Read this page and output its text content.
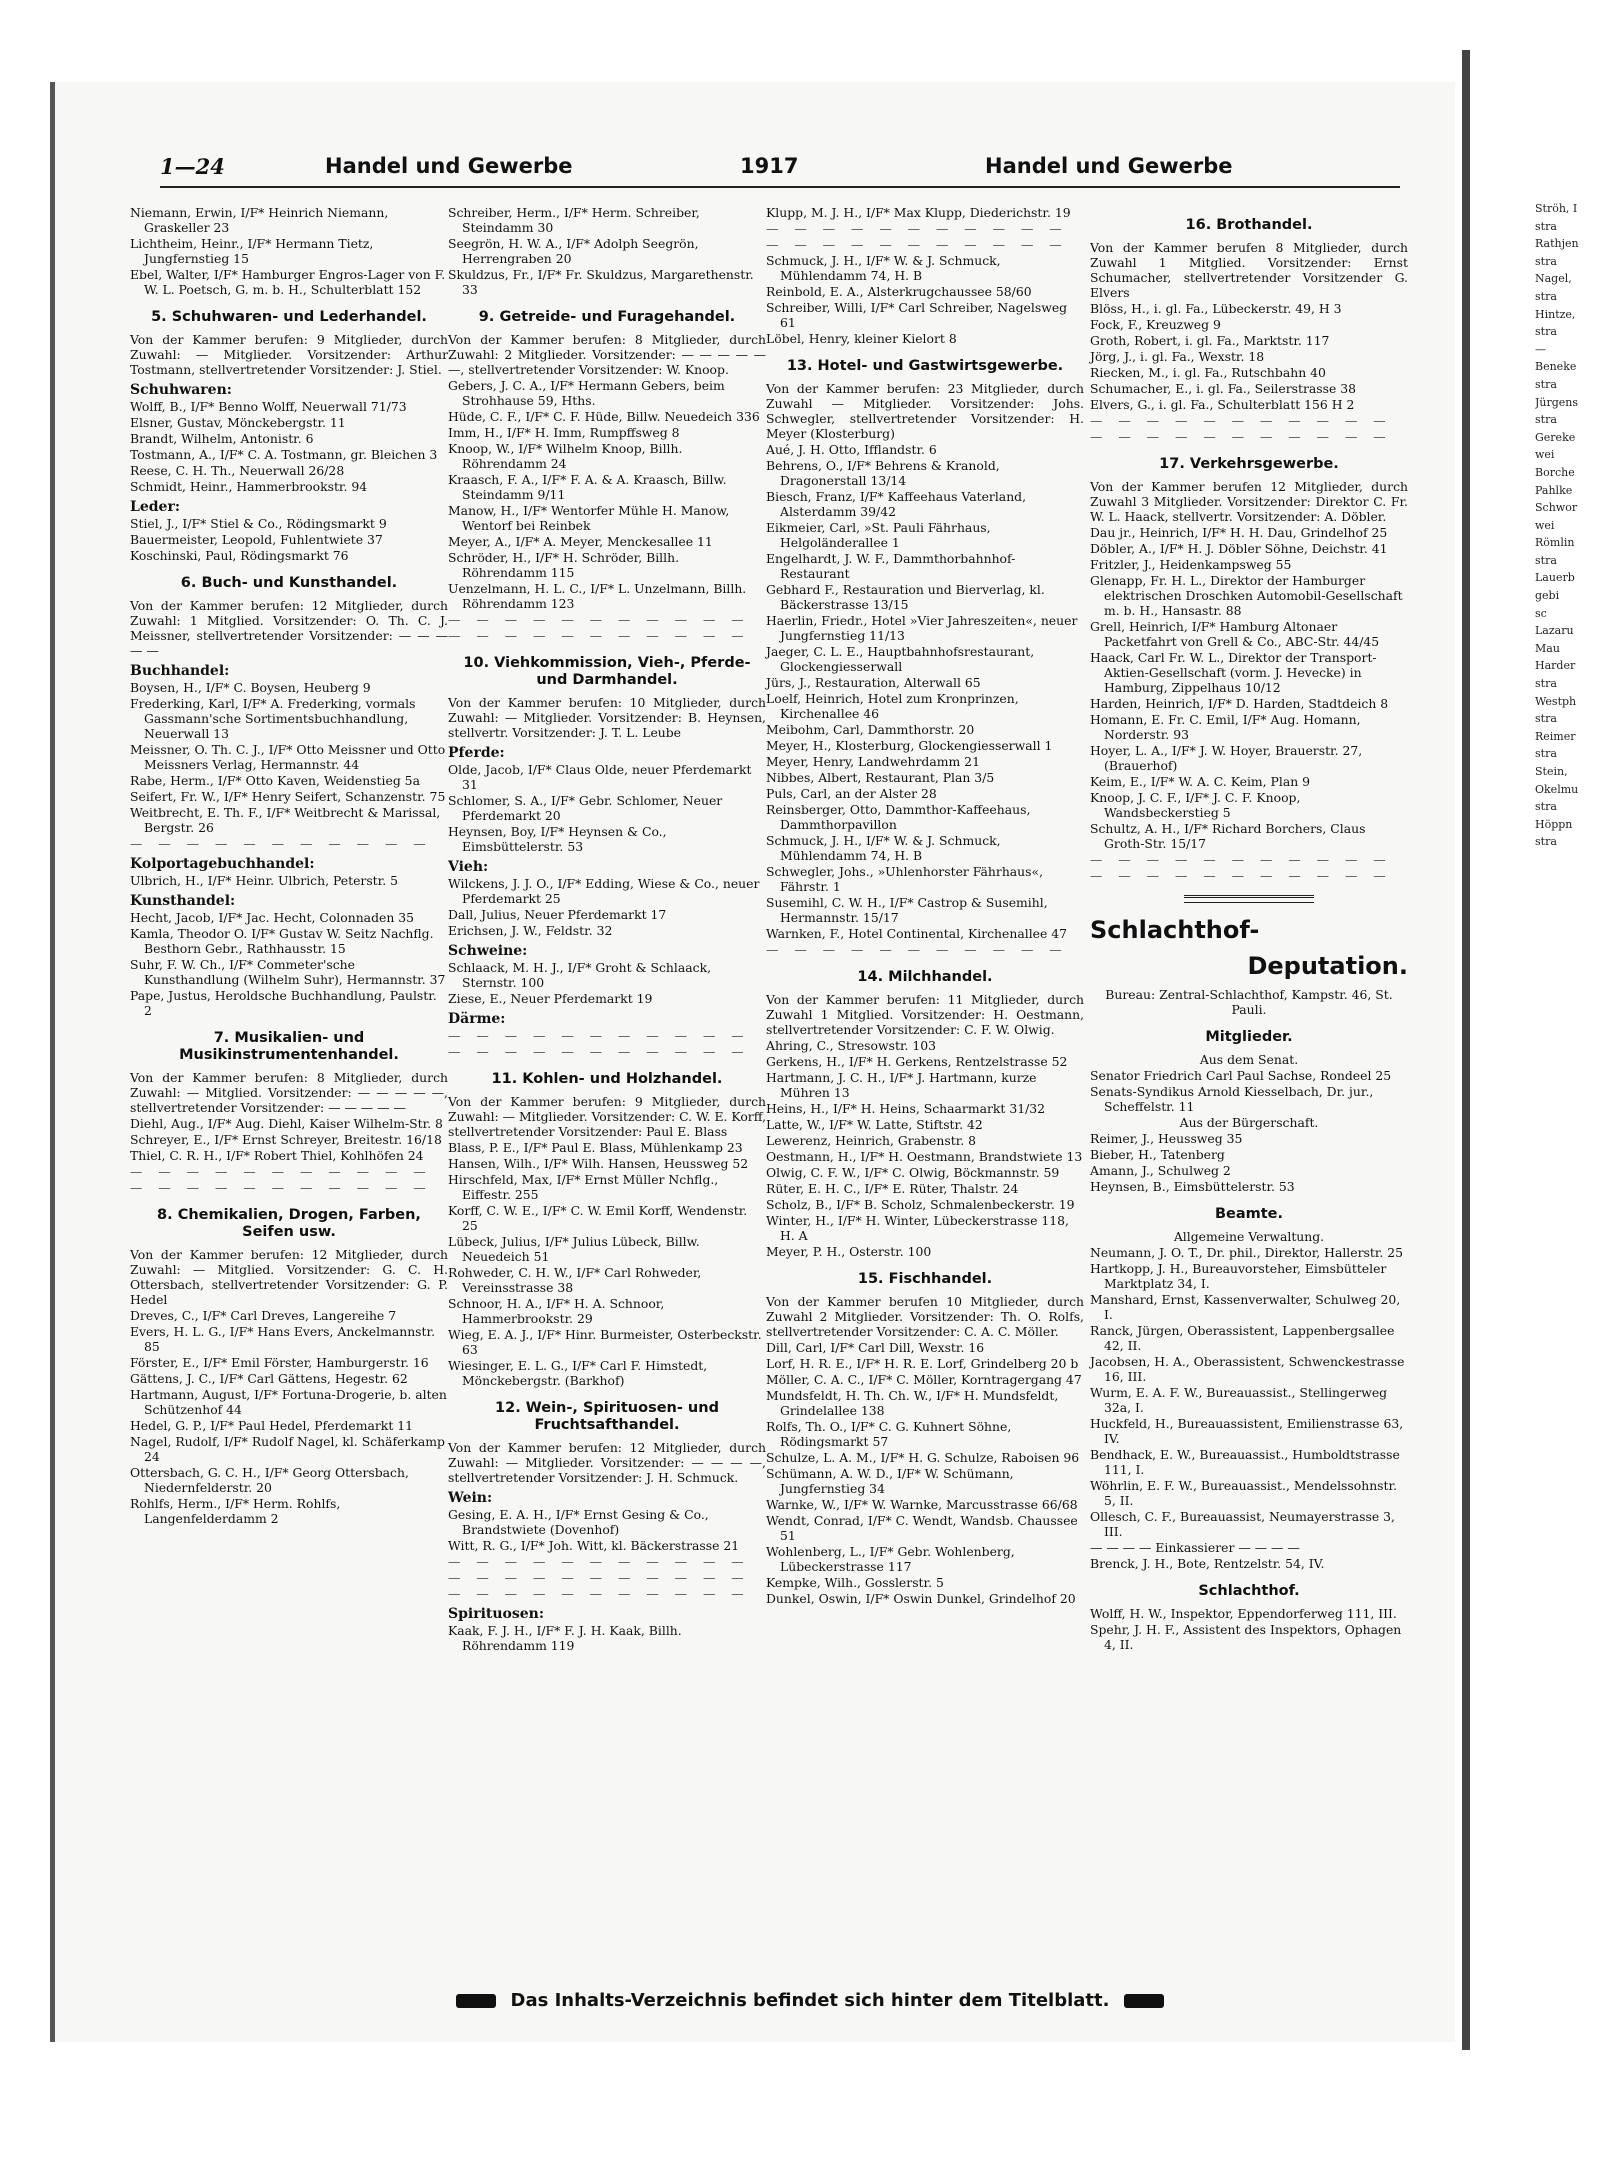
1—24	Handel und Gewerbe	1917	Handel und Gewerbe

Niemann, Erwin, I/F* Heinrich Niemann, Graskeller 23

Lichtheim, Heinr., I/F* Hermann Tietz, Jungfernstieg 15

Ebel, Walter, I/F* Hamburger Engros-Lager von F. W. L. Poetsch, G. m. b. H., Schulterblatt 152

5. Schuhwaren- und Lederhandel.

Von der Kammer berufen: 9 Mitglieder, durch Zuwahl: — Mitglieder. Vorsitzender: Arthur Tostmann, stellvertretender Vorsitzender: J. Stiel.

Schuhwaren:

Wolff, B., I/F* Benno Wolff, Neuerwall 71/73

Elsner, Gustav, Mönckebergstr. 11

Brandt, Wilhelm, Antonistr. 6

Tostmann, A., I/F* C. A. Tostmann, gr. Bleichen 3

Reese, C. H. Th., Neuerwall 26/28

Schmidt, Heinr., Hammerbrookstr. 94

Leder:

Stiel, J., I/F* Stiel & Co., Rödingsmarkt 9

Bauermeister, Leopold, Fuhlentwiete 37

Koschinski, Paul, Rödingsmarkt 76

6. Buch- und Kunsthandel.

Von der Kammer berufen: 12 Mitglieder, durch Zuwahl: 1 Mitglied. Vorsitzender: O. Th. C. J. Meissner, stellvertretender Vorsitzender: — — — — —

Buchhandel:

Boysen, H., I/F* C. Boysen, Heuberg 9

Frederking, Karl, I/F* A. Frederking, vormals Gassmann'sche Sortimentsbuchhandlung, Neuerwall 13

Meissner, O. Th. C. J., I/F* Otto Meissner und Otto Meissners Verlag, Hermannstr. 44

Rabe, Herm., I/F* Otto Kaven, Weidenstieg 5a

Seifert, Fr. W., I/F* Henry Seifert, Schanzenstr. 75

Weitbrecht, E. Th. F., I/F* Weitbrecht & Marissal, Bergstr. 26

— — — — — — — — — — —

Kolportagebuchhandel:

Ulbrich, H., I/F* Heinr. Ulbrich, Peterstr. 5

Kunsthandel:

Hecht, Jacob, I/F* Jac. Hecht, Colonnaden 35

Kamla, Theodor O. I/F* Gustav W. Seitz Nachflg. Besthorn Gebr., Rathhausstr. 15

Suhr, F. W. Ch., I/F* Commeter'sche Kunsthandlung (Wilhelm Suhr), Hermannstr. 37

Pape, Justus, Heroldsche Buchhandlung, Paulstr. 2

7. Musikalien- und Musikinstrumentenhandel.

Von der Kammer berufen: 8 Mitglieder, durch Zuwahl: — Mitglied. Vorsitzender: — — — — —, stellvertretender Vorsitzender: — — — — —

Diehl, Aug., I/F* Aug. Diehl, Kaiser Wilhelm-Str. 8

Schreyer, E., I/F* Ernst Schreyer, Breitestr. 16/18

Thiel, C. R. H., I/F* Robert Thiel, Kohlhöfen 24

— — — — — — — — — — —

— — — — — — — — — — —

8. Chemikalien, Drogen, Farben, Seifen usw.

Von der Kammer berufen: 12 Mitglieder, durch Zuwahl: — Mitglied. Vorsitzender: G. C. H. Ottersbach, stellvertretender Vorsitzender: G. P. Hedel

Dreves, C., I/F* Carl Dreves, Langereihe 7

Evers, H. L. G., I/F* Hans Evers, Anckelmannstr. 85

Förster, E., I/F* Emil Förster, Hamburgerstr. 16

Gättens, J. C., I/F* Carl Gättens, Hegestr. 62

Hartmann, August, I/F* Fortuna-Drogerie, b. alten Schützenhof 44

Hedel, G. P., I/F* Paul Hedel, Pferdemarkt 11

Nagel, Rudolf, I/F* Rudolf Nagel, kl. Schäferkamp 24

Ottersbach, G. C. H., I/F* Georg Ottersbach, Niedernfelderstr. 20

Rohlfs, Herm., I/F* Herm. Rohlfs, Langenfelderdamm 2

Schreiber, Herm., I/F* Herm. Schreiber, Steindamm 30

Seegrön, H. W. A., I/F* Adolph Seegrön, Herrengraben 20

Skuldzus, Fr., I/F* Fr. Skuldzus, Margarethenstr. 33

9. Getreide- und Furagehandel.

Von der Kammer berufen: 8 Mitglieder, durch Zuwahl: 2 Mitglieder. Vorsitzender: — — — — — —, stellvertretender Vorsitzender: W. Knoop.

Gebers, J. C. A., I/F* Hermann Gebers, beim Strohhause 59, Hths.

Hüde, C. F., I/F* C. F. Hüde, Billw. Neuedeich 336

Imm, H., I/F* H. Imm, Rumpffsweg 8

Knoop, W., I/F* Wilhelm Knoop, Billh. Röhrendamm 24

Kraasch, F. A., I/F* F. A. & A. Kraasch, Billw. Steindamm 9/11

Manow, H., I/F* Wentorfer Mühle H. Manow, Wentorf bei Reinbek

Meyer, A., I/F* A. Meyer, Menckesallee 11

Schröder, H., I/F* H. Schröder, Billh. Röhrendamm 115

Uenzelmann, H. L. C., I/F* L. Unzelmann, Billh. Röhrendamm 123

— — — — — — — — — — —

— — — — — — — — — — —

10. Viehkommission, Vieh-, Pferde- und Darmhandel.

Von der Kammer berufen: 10 Mitglieder, durch Zuwahl: — Mitglieder. Vorsitzender: B. Heynsen, stellvertr. Vorsitzender: J. T. L. Leube

Pferde:

Olde, Jacob, I/F* Claus Olde, neuer Pferdemarkt 31

Schlomer, S. A., I/F* Gebr. Schlomer, Neuer Pferdemarkt 20

Heynsen, Boy, I/F* Heynsen & Co., Eimsbüttelerstr. 53

Vieh:

Wilckens, J. J. O., I/F* Edding, Wiese & Co., neuer Pferdemarkt 25

Dall, Julius, Neuer Pferdemarkt 17

Erichsen, J. W., Feldstr. 32

Schweine:

Schlaack, M. H. J., I/F* Groht & Schlaack, Sternstr. 100

Ziese, E., Neuer Pferdemarkt 19

Därme:

— — — — — — — — — — —

— — — — — — — — — — —

11. Kohlen- und Holzhandel.

Von der Kammer berufen: 9 Mitglieder, durch Zuwahl: — Mitglieder. Vorsitzender: C. W. E. Korff, stellvertretender Vorsitzender: Paul E. Blass

Blass, P. E., I/F* Paul E. Blass, Mühlenkamp 23

Hansen, Wilh., I/F* Wilh. Hansen, Heussweg 52

Hirschfeld, Max, I/F* Ernst Müller Nchflg., Eiffestr. 255

Korff, C. W. E., I/F* C. W. Emil Korff, Wendenstr. 25

Lübeck, Julius, I/F* Julius Lübeck, Billw. Neuedeich 51

Rohweder, C. H. W., I/F* Carl Rohweder, Vereinsstrasse 38

Schnoor, H. A., I/F* H. A. Schnoor, Hammerbrookstr. 29

Wieg, E. A. J., I/F* Hinr. Burmeister, Osterbeckstr. 63

Wiesinger, E. L. G., I/F* Carl F. Himstedt, Mönckebergstr. (Barkhof)

12. Wein-, Spirituosen- und Fruchtsafthandel.

Von der Kammer berufen: 12 Mitglieder, durch Zuwahl: — Mitglieder. Vorsitzender: — — — —, stellvertretender Vorsitzender: J. H. Schmuck.

Wein:

Gesing, E. A. H., I/F* Ernst Gesing & Co., Brandstwiete (Dovenhof)

Witt, R. G., I/F* Joh. Witt, kl. Bäckerstrasse 21

— — — — — — — — — — —

— — — — — — — — — — —

— — — — — — — — — — —

Spirituosen:

Kaak, F. J. H., I/F* F. J. H. Kaak, Billh. Röhrendamm 119

Klupp, M. J. H., I/F* Max Klupp, Diederichstr. 19

— — — — — — — — — — —

— — — — — — — — — — —

Schmuck, J. H., I/F* W. & J. Schmuck, Mühlendamm 74, H. B

Reinbold, E. A., Alsterkrugchaussee 58/60

Schreiber, Willi, I/F* Carl Schreiber, Nagelsweg 61

Löbel, Henry, kleiner Kielort 8

13. Hotel- und Gastwirtsgewerbe.

Von der Kammer berufen: 23 Mitglieder, durch Zuwahl — Mitglieder. Vorsitzender: Johs. Schwegler, stellvertretender Vorsitzender: H. Meyer (Klosterburg)

Aué, J. H. Otto, Ifflandstr. 6

Behrens, O., I/F* Behrens & Kranold, Dragonerstall 13/14

Biesch, Franz, I/F* Kaffeehaus Vaterland, Alsterdamm 39/42

Eikmeier, Carl, »St. Pauli Fährhaus, Helgoländerallee 1

Engelhardt, J. W. F., Dammthorbahnhof-Restaurant

Gebhard F., Restauration und Bierverlag, kl. Bäckerstrasse 13/15

Haerlin, Friedr., Hotel »Vier Jahreszeiten«, neuer Jungfernstieg 11/13

Jaeger, C. L. E., Hauptbahnhofsrestaurant, Glockengiesserwall

Jürs, J., Restauration, Alterwall 65

Loelf, Heinrich, Hotel zum Kronprinzen, Kirchenallee 46

Meibohm, Carl, Dammthorstr. 20

Meyer, H., Klosterburg, Glockengiesserwall 1

Meyer, Henry, Landwehrdamm 21

Nibbes, Albert, Restaurant, Plan 3/5

Puls, Carl, an der Alster 28

Reinsberger, Otto, Dammthor-Kaffeehaus, Dammthorpavillon

Schmuck, J. H., I/F* W. & J. Schmuck, Mühlendamm 74, H. B

Schwegler, Johs., »Uhlenhorster Fährhaus«, Fährstr. 1

Susemihl, C. W. H., I/F* Castrop & Susemihl, Hermannstr. 15/17

Warnken, F., Hotel Continental, Kirchenallee 47

— — — — — — — — — — —

14. Milchhandel.

Von der Kammer berufen: 11 Mitglieder, durch Zuwahl 1 Mitglied. Vorsitzender: H. Oestmann, stellvertretender Vorsitzender: C. F. W. Olwig.

Ahring, C., Stresowstr. 103

Gerkens, H., I/F* H. Gerkens, Rentzelstrasse 52

Hartmann, J. C. H., I/F* J. Hartmann, kurze Mühren 13

Heins, H., I/F* H. Heins, Schaarmarkt 31/32

Latte, W., I/F* W. Latte, Stiftstr. 42

Lewerenz, Heinrich, Grabenstr. 8

Oestmann, H., I/F* H. Oestmann, Brandstwiete 13

Olwig, C. F. W., I/F* C. Olwig, Böckmannstr. 59

Rüter, E. H. C., I/F* E. Rüter, Thalstr. 24

Scholz, B., I/F* B. Scholz, Schmalenbeckerstr. 19

Winter, H., I/F* H. Winter, Lübeckerstrasse 118, H. A

Meyer, P. H., Osterstr. 100

15. Fischhandel.

Von der Kammer berufen 10 Mitglieder, durch Zuwahl 2 Mitglieder. Vorsitzender: Th. O. Rolfs, stellvertretender Vorsitzender: C. A. C. Möller.

Dill, Carl, I/F* Carl Dill, Wexstr. 16

Lorf, H. R. E., I/F* H. R. E. Lorf, Grindelberg 20 b

Möller, C. A. C., I/F* C. Möller, Korntragergang 47

Mundsfeldt, H. Th. Ch. W., I/F* H. Mundsfeldt, Grindelallee 138

Rolfs, Th. O., I/F* C. G. Kuhnert Söhne, Rödingsmarkt 57

Schulze, L. A. M., I/F* H. G. Schulze, Raboisen 96

Schümann, A. W. D., I/F* W. Schümann, Jungfernstieg 34

Warnke, W., I/F* W. Warnke, Marcusstrasse 66/68

Wendt, Conrad, I/F* C. Wendt, Wandsb. Chaussee 51

Wohlenberg, L., I/F* Gebr. Wohlenberg, Lübeckerstrasse 117

Kempke, Wilh., Gosslerstr. 5

Dunkel, Oswin, I/F* Oswin Dunkel, Grindelhof 20

16. Brothandel.

Von der Kammer berufen 8 Mitglieder, durch Zuwahl 1 Mitglied. Vorsitzender: Ernst Schumacher, stellvertretender Vorsitzender G. Elvers

Blöss, H., i. gl. Fa., Lübeckerstr. 49, H 3

Fock, F., Kreuzweg 9

Groth, Robert, i. gl. Fa., Marktstr. 117

Jörg, J., i. gl. Fa., Wexstr. 18

Riecken, M., i. gl. Fa., Rutschbahn 40

Schumacher, E., i. gl. Fa., Seilerstrasse 38

Elvers, G., i. gl. Fa., Schulterblatt 156 H 2

— — — — — — — — — — —

— — — — — — — — — — —

17. Verkehrsgewerbe.

Von der Kammer berufen 12 Mitglieder, durch Zuwahl 3 Mitglieder. Vorsitzender: Direktor C. Fr. W. L. Haack, stellvertr. Vorsitzender: A. Döbler.

Dau jr., Heinrich, I/F* H. H. Dau, Grindelhof 25

Döbler, A., I/F* H. J. Döbler Söhne, Deichstr. 41

Fritzler, J., Heidenkampsweg 55

Glenapp, Fr. H. L., Direktor der Hamburger elektrischen Droschken Automobil-Gesellschaft m. b. H., Hansastr. 88

Grell, Heinrich, I/F* Hamburg Altonaer Packetfahrt von Grell & Co., ABC-Str. 44/45

Haack, Carl Fr. W. L., Direktor der Transport-Aktien-Gesellschaft (vorm. J. Hevecke) in Hamburg, Zippelhaus 10/12

Harden, Heinrich, I/F* D. Harden, Stadtdeich 8

Homann, E. Fr. C. Emil, I/F* Aug. Homann, Norderstr. 93

Hoyer, L. A., I/F* J. W. Hoyer, Brauerstr. 27, (Brauerhof)

Keim, E., I/F* W. A. C. Keim, Plan 9

Knoop, J. C. F., I/F* J. C. F. Knoop, Wandsbeckerstieg 5

Schultz, A. H., I/F* Richard Borchers, Claus Groth-Str. 15/17

— — — — — — — — — — —

— — — — — — — — — — —

Schlachthof-

Deputation.

Bureau: Zentral-Schlachthof, Kampstr. 46, St. Pauli.

Mitglieder.

Aus dem Senat.

Senator Friedrich Carl Paul Sachse, Rondeel 25

Senats-Syndikus Arnold Kiesselbach, Dr. jur., Scheffelstr. 11

Aus der Bürgerschaft.

Reimer, J., Heussweg 35

Bieber, H., Tatenberg

Amann, J., Schulweg 2

Heynsen, B., Eimsbüttelerstr. 53

Beamte.

Allgemeine Verwaltung.

Neumann, J. O. T., Dr. phil., Direktor, Hallerstr. 25

Hartkopp, J. H., Bureauvorsteher, Eimsbütteler Marktplatz 34, I.

Manshard, Ernst, Kassenverwalter, Schulweg 20, I.

Ranck, Jürgen, Oberassistent, Lappenbergsallee 42, II.

Jacobsen, H. A., Oberassistent, Schwenckestrasse 16, III.

Wurm, E. A. F. W., Bureauassist., Stellingerweg 32a, I.

Huckfeld, H., Bureauassistent, Emilienstrasse 63, IV.

Bendhack, E. W., Bureauassist., Humboldtstrasse 111, I.

Wöhrlin, E. F. W., Bureauassist., Mendelssohnstr. 5, II.

Ollesch, C. F., Bureauassist, Neumayerstrasse 3, III.

— — — — Einkassierer — — — —

Brenck, J. H., Bote, Rentzelstr. 54, IV.

Schlachthof.

Wolff, H. W., Inspektor, Eppendorferweg 111, III.

Spehr, J. H. F., Assistent des Inspektors, Ophagen 4, II.

Ströh, I
stra
Rathjen
stra
Nagel,
stra
Hintze,
stra
—
Beneke
stra
Jürgens
stra
Gereke
wei
Borche
Pahlke
Schwor
wei
Römlin
stra
Lauerb
gebi
sc
Lazaru
Mau
Harder
stra
Westph
stra
Reimer
stra
Stein,
Okelmu
stra
Höppn
stra
Das Inhalts-Verzeichnis befindet sich hinter dem Titelblatt.
